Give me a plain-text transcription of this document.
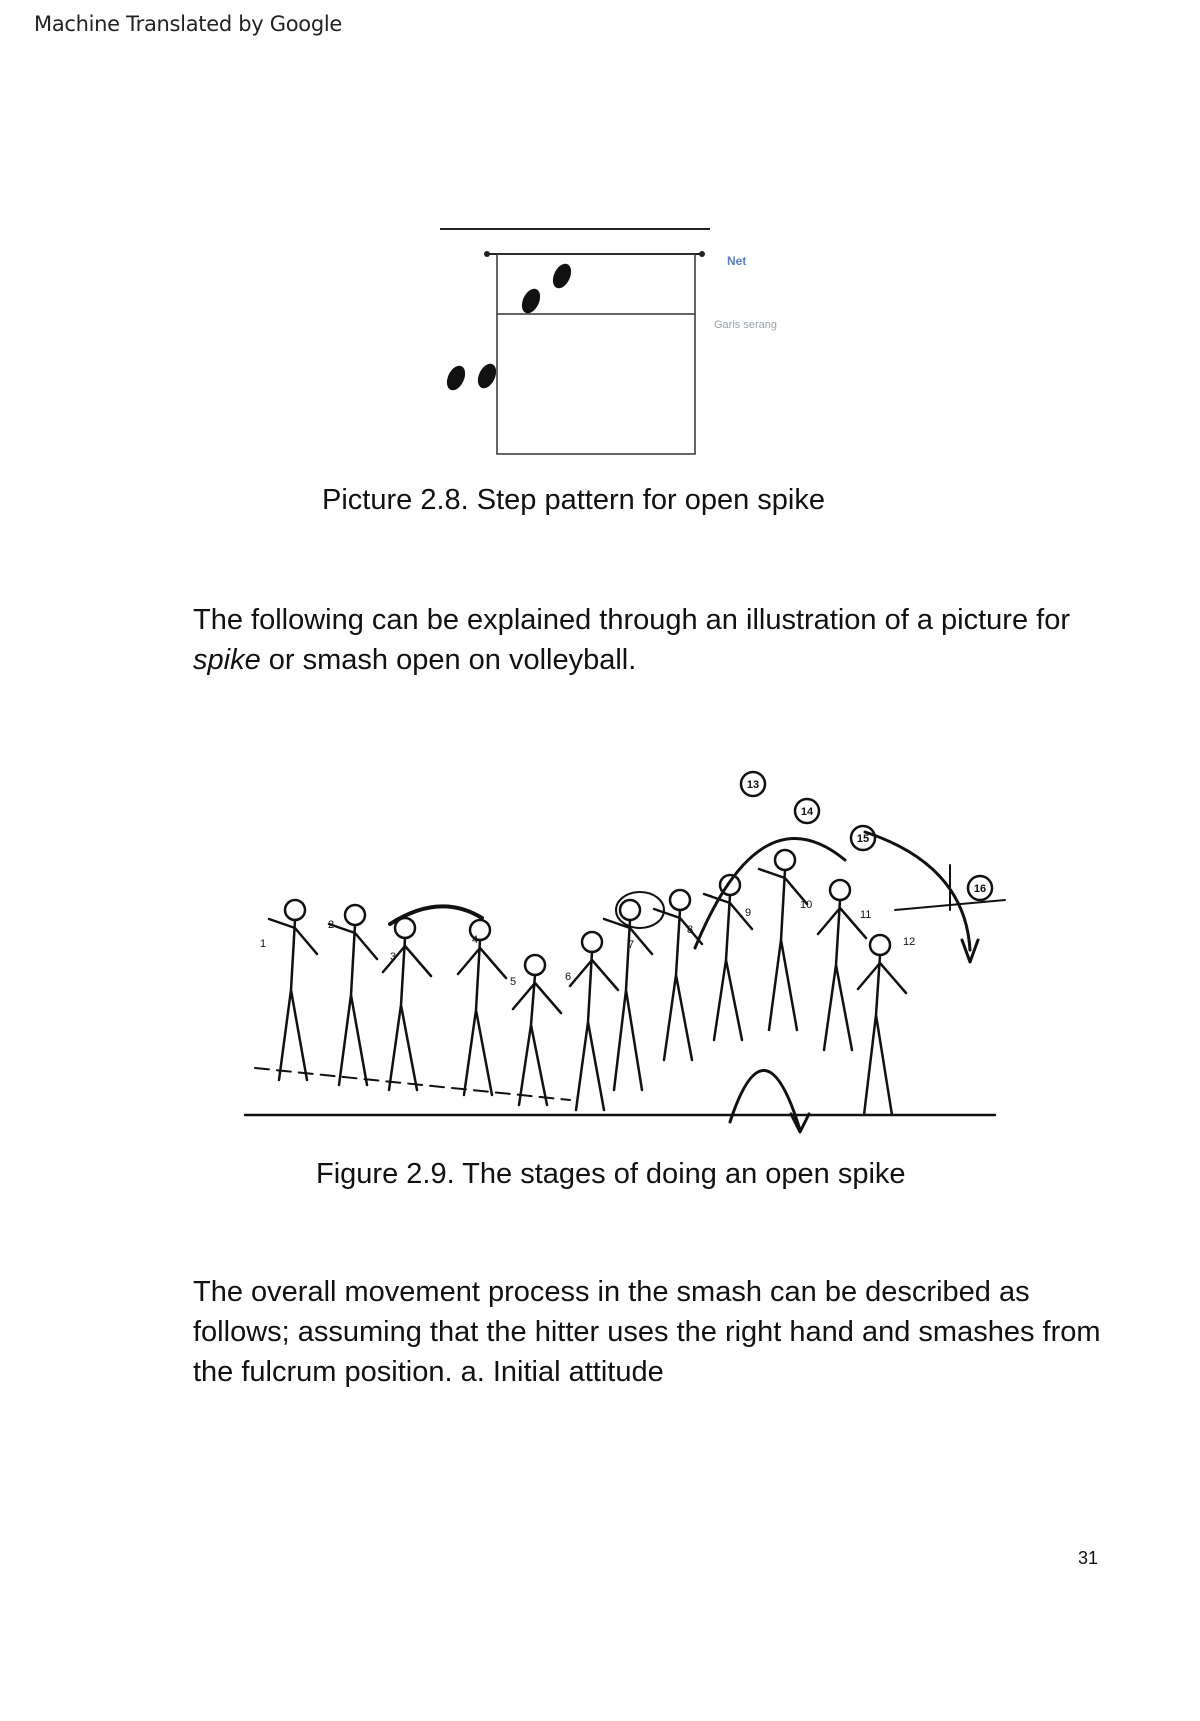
Machine Translated by Google
Net
Garis serang
Picture 2.8. Step pattern for open spike
The following can be explained through an illustration of a picture for spike or smash open on volleyball.
13
14
15
16
1
2
3
4
5	6
7
8
9
10
11
12
Figure 2.9. The stages of doing an open spike
The overall movement process in the smash can be described as follows; assuming that the hitter uses the right hand and smashes from the fulcrum position. a. Initial attitude
31
